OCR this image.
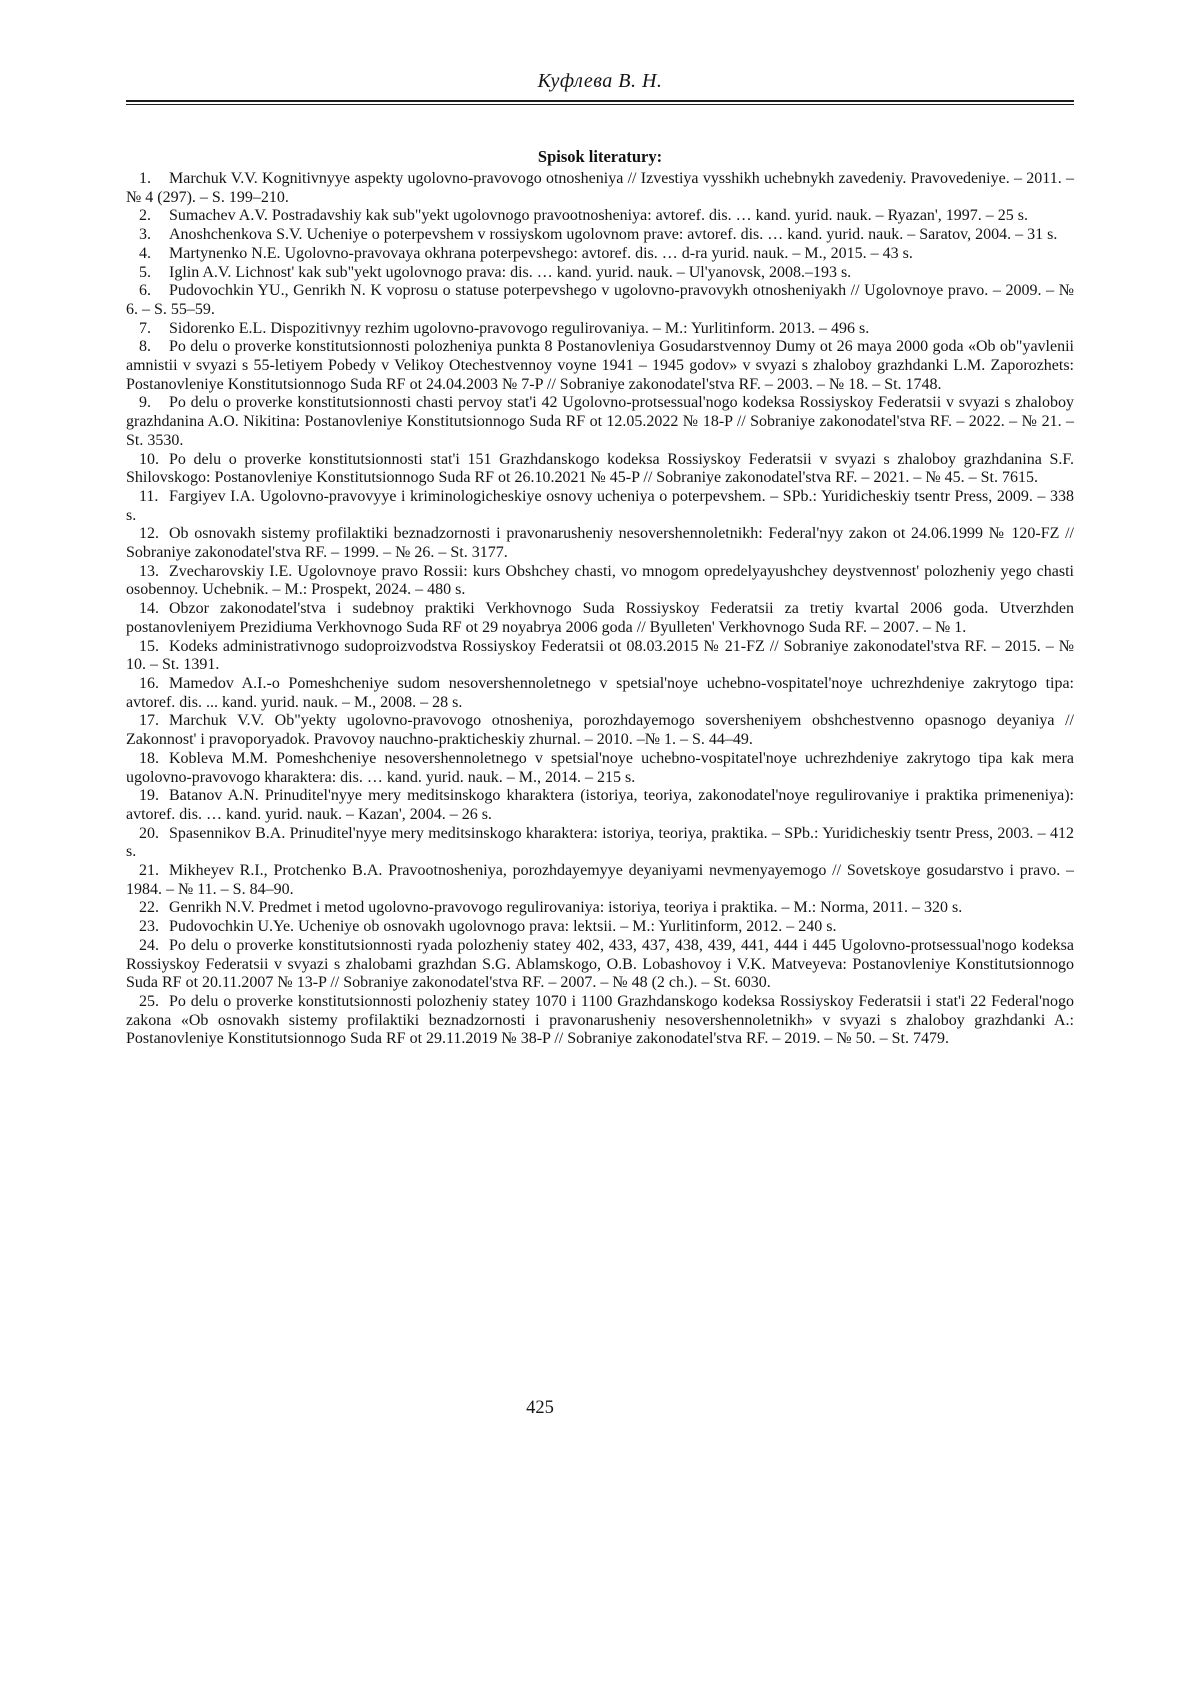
Куфлева В. Н.
Spisok literatury:

1. Marchuk V.V. Kognitivnyye aspekty ugolovno-pravovogo otnosheniya // Izvestiya vysshikh uchebnykh zavedeniy. Pravovedeniye. – 2011. – № 4 (297). – S. 199–210.

2. Sumachev A.V. Postradavshiy kak sub"yekt ugolovnogo pravootnosheniya: avtoref. dis. … kand. yurid. nauk. – Ryazan', 1997. – 25 s.

3. Anoshchenkova S.V. Ucheniye o poterpevshem v rossiyskom ugolovnom prave: avtoref. dis. … kand. yurid. nauk. – Saratov, 2004. – 31 s.

4. Martynenko N.E. Ugolovno-pravovaya okhrana poterpevshego: avtoref. dis. … d-ra yurid. nauk. – M., 2015. – 43 s.

5. Iglin A.V. Lichnost' kak sub"yekt ugolovnogo prava: dis. … kand. yurid. nauk. – Ul'yanovsk, 2008.–193 s.

6. Pudovochkin YU., Genrikh N. K voprosu o statuse poterpevshego v ugolovno-pravovykh otnosheniyakh // Ugolovnoye pravo. – 2009. – № 6. – S. 55–59.

7. Sidorenko E.L. Dispozitivnyy rezhim ugolovno-pravovogo regulirovaniya. – M.: Yurlitinform. 2013. – 496 s.

8. Po delu o proverke konstitutsionnosti polozheniya punkta 8 Postanovleniya Gosudarstvennoy Dumy ot 26 maya 2000 goda «Ob ob"yavlenii amnistii v svyazi s 55-letiyem Pobedy v Velikoy Otechestvennoy voyne 1941 – 1945 godov» v svyazi s zhaloboy grazhdanki L.M. Zaporozhets: Postanovleniye Konstitutsionnogo Suda RF ot 24.04.2003 № 7-P // Sobraniye zakonodatel'stva RF. – 2003. – № 18. – St. 1748.

9. Po delu o proverke konstitutsionnosti chasti pervoy stat'i 42 Ugolovno-protsessual'nogo kodeksa Rossiyskoy Federatsii v svyazi s zhaloboy grazhdanina A.O. Nikitina: Postanovleniye Konstitutsionnogo Suda RF ot 12.05.2022 № 18-P // Sobraniye zakonodatel'stva RF. – 2022. – № 21. – St. 3530.

10. Po delu o proverke konstitutsionnosti stat'i 151 Grazhdanskogo kodeksa Rossiyskoy Federatsii v svyazi s zhaloboy grazhdanina S.F. Shilovskogo: Postanovleniye Konstitutsionnogo Suda RF ot 26.10.2021 № 45-P // Sobraniye zakonodatel'stva RF. – 2021. – № 45. – St. 7615.

11. Fargiyev I.A. Ugolovno-pravovyye i kriminologicheskiye osnovy ucheniya o poterpevshem. – SPb.: Yuridicheskiy tsentr Press, 2009. – 338 s.

12. Ob osnovakh sistemy profilaktiki beznadzornosti i pravonarusheniy nesovershennoletnikh: Federal'nyy zakon ot 24.06.1999 № 120-FZ // Sobraniye zakonodatel'stva RF. – 1999. – № 26. – St. 3177.

13. Zvecharovskiy I.E. Ugolovnoye pravo Rossii: kurs Obshchey chasti, vo mnogom opredelyayushchey deystvennost' polozheniy yego chasti osobennoy. Uchebnik. – M.: Prospekt, 2024. – 480 s.

14. Obzor zakonodatel'stva i sudebnoy praktiki Verkhovnogo Suda Rossiyskoy Federatsii za tretiy kvartal 2006 goda. Utverzhden postanovleniyem Prezidiuma Verkhovnogo Suda RF ot 29 noyabrya 2006 goda // Byulleten' Verkhovnogo Suda RF. – 2007. – № 1.

15. Kodeks administrativnogo sudoproizvodstva Rossiyskoy Federatsii ot 08.03.2015 № 21-FZ // Sobraniye zakonodatel'stva RF. – 2015. – № 10. – St. 1391.

16. Mamedov A.I.-o Pomeshcheniye sudom nesovershennoletnego v spetsial'noye uchebno-vospitatel'noye uchrezhdeniye zakrytogo tipa: avtoref. dis. ... kand. yurid. nauk. – M., 2008. – 28 s.

17. Marchuk V.V. Ob"yekty ugolovno-pravovogo otnosheniya, porozhdayemogo soversheniyem obshchestvenno opasnogo deyaniya // Zakonnost' i pravoporyadok. Pravovoy nauchno-prakticheskiy zhurnal. – 2010. –№ 1. – S. 44–49.

18. Kobleva M.M. Pomeshcheniye nesovershennoletnego v spetsial'noye uchebno-vospitatel'noye uchrezhdeniye zakrytogo tipa kak mera ugolovno-pravovogo kharaktera: dis. … kand. yurid. nauk. – M., 2014. – 215 s.

19. Batanov A.N. Prinuditel'nyye mery meditsinskogo kharaktera (istoriya, teoriya, zakonodatel'noye regulirovaniye i praktika primeneniya): avtoref. dis. … kand. yurid. nauk. – Kazan', 2004. – 26 s.

20. Spasennikov B.A. Prinuditel'nyye mery meditsinskogo kharaktera: istoriya, teoriya, praktika. – SPb.: Yuridicheskiy tsentr Press, 2003. – 412 s.

21. Mikheyev R.I., Protchenko B.A. Pravootnosheniya, porozhdayemyye deyaniyami nevmenyayemogo // Sovetskoye gosudarstvo i pravo. – 1984. – № 11. – S. 84–90.

22. Genrikh N.V. Predmet i metod ugolovno-pravovogo regulirovaniya: istoriya, teoriya i praktika. – M.: Norma, 2011. – 320 s.

23. Pudovochkin U.Ye. Ucheniye ob osnovakh ugolovnogo prava: lektsii. – M.: Yurlitinform, 2012. – 240 s.

24. Po delu o proverke konstitutsionnosti ryada polozheniy statey 402, 433, 437, 438, 439, 441, 444 i 445 Ugolovno-protsessual'nogo kodeksa Rossiyskoy Federatsii v svyazi s zhalobami grazhdan S.G. Ablamskogo, O.B. Lobashovoy i V.K. Matveyeva: Postanovleniye Konstitutsionnogo Suda RF ot 20.11.2007 № 13-P // Sobraniye zakonodatel'stva RF. – 2007. – № 48 (2 ch.). – St. 6030.

25. Po delu o proverke konstitutsionnosti polozheniy statey 1070 i 1100 Grazhdanskogo kodeksa Rossiyskoy Federatsii i stat'i 22 Federal'nogo zakona «Ob osnovakh sistemy profilaktiki beznadzornosti i pravonarusheniy nesovershennoletnikh» v svyazi s zhaloboy grazhdanki A.: Postanovleniye Konstitutsionnogo Suda RF ot 29.11.2019 № 38-P // Sobraniye zakonodatel'stva RF. – 2019. – № 50. – St. 7479.

425
